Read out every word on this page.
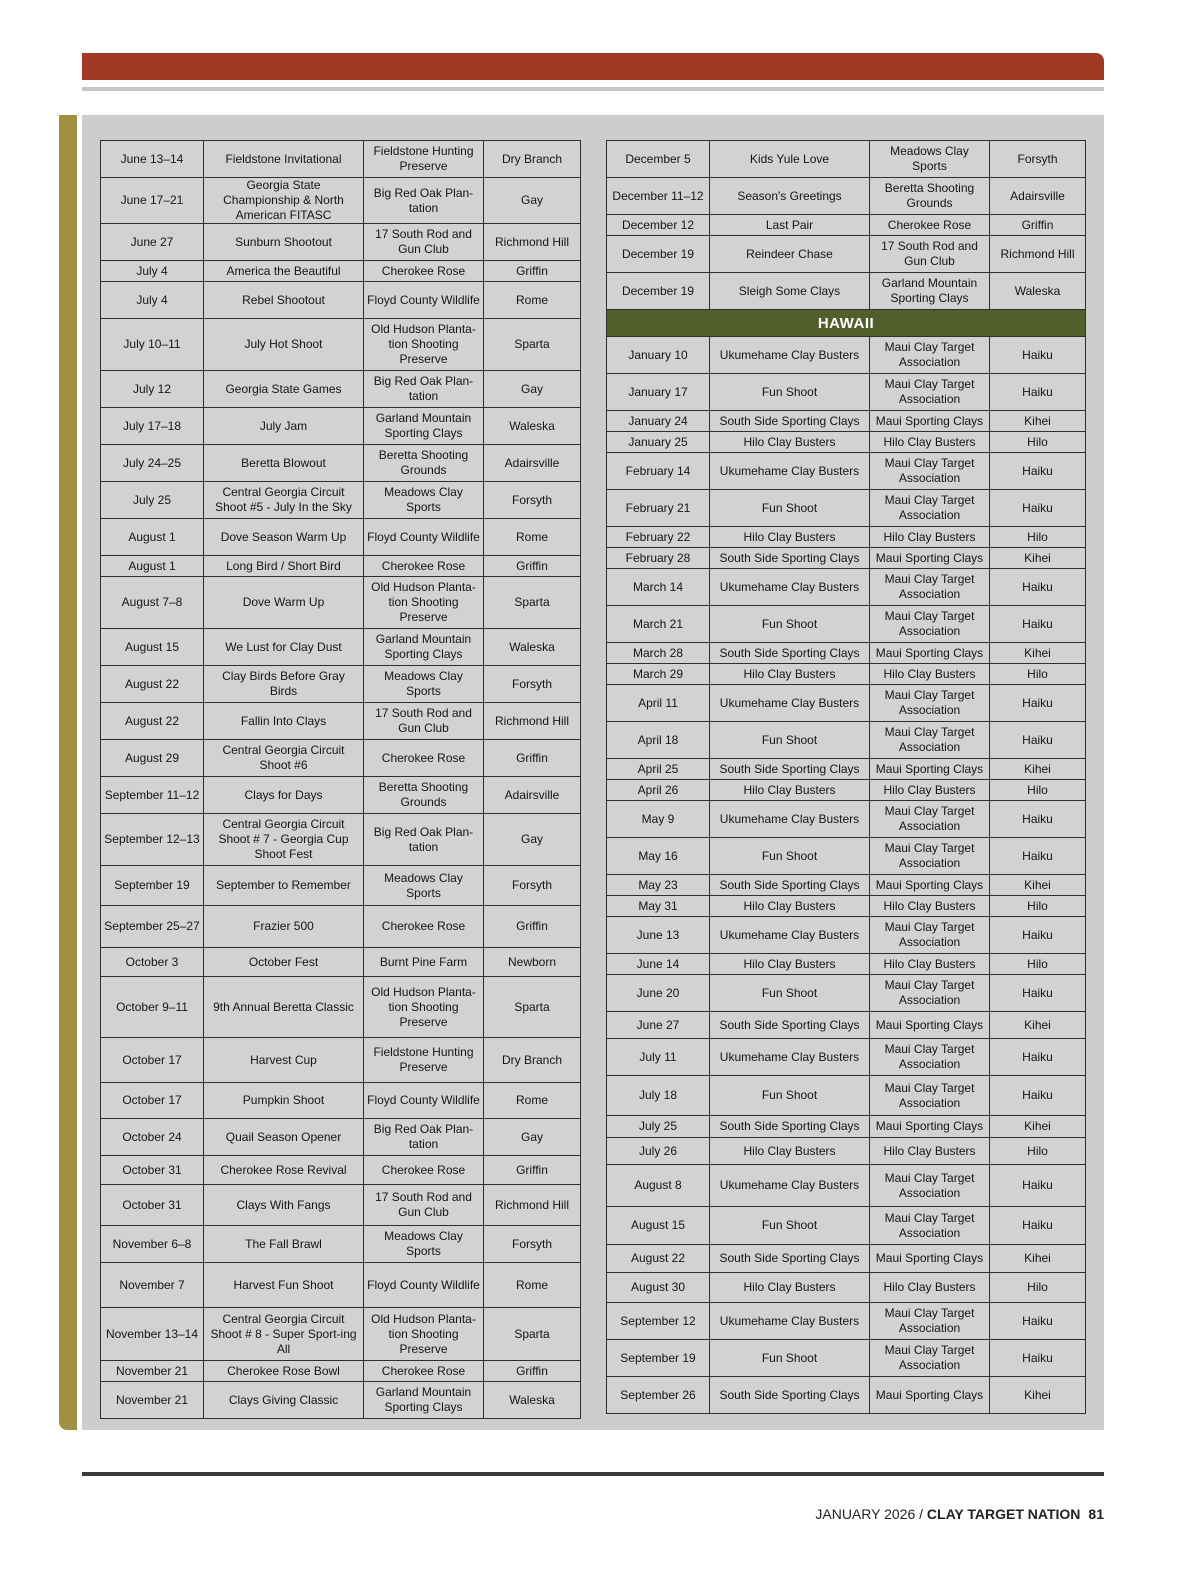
June 13–14	Fieldstone Invitational	Fieldstone Hunting Preserve	Dry Branch
June 17–21	Georgia State Championship & North American FITASC	Big Red Oak Plan-tation	Gay
June 27	Sunburn Shootout	17 South Rod and Gun Club	Richmond Hill
July 4	America the Beautiful	Cherokee Rose	Griffin
July 4	Rebel Shootout	Floyd County Wildlife	Rome
July 10–11	July Hot Shoot	Old Hudson Planta-tion Shooting Preserve	Sparta
July 12	Georgia State Games	Big Red Oak Plan-tation	Gay
July 17–18	July Jam	Garland Mountain Sporting Clays	Waleska
July 24–25	Beretta Blowout	Beretta Shooting Grounds	Adairsville
July 25	Central Georgia Circuit Shoot #5 - July In the Sky	Meadows Clay Sports	Forsyth
August 1	Dove Season Warm Up	Floyd County Wildlife	Rome
August 1	Long Bird / Short Bird	Cherokee Rose	Griffin
August 7–8	Dove Warm Up	Old Hudson Planta-tion Shooting Preserve	Sparta
August 15	We Lust for Clay Dust	Garland Mountain Sporting Clays	Waleska
August 22	Clay Birds Before Gray Birds	Meadows Clay Sports	Forsyth
August 22	Fallin Into Clays	17 South Rod and Gun Club	Richmond Hill
August 29	Central Georgia Circuit Shoot #6	Cherokee Rose	Griffin
September 11–12	Clays for Days	Beretta Shooting Grounds	Adairsville
September 12–13	Central Georgia Circuit Shoot # 7 - Georgia Cup Shoot Fest	Big Red Oak Plan-tation	Gay
September 19	September to Remember	Meadows Clay Sports	Forsyth
September 25–27	Frazier 500	Cherokee Rose	Griffin
October 3	October Fest	Burnt Pine Farm	Newborn
October 9–11	9th Annual Beretta Classic	Old Hudson Planta-tion Shooting Preserve	Sparta
October 17	Harvest Cup	Fieldstone Hunting Preserve	Dry Branch
October 17	Pumpkin Shoot	Floyd County Wildlife	Rome
October 24	Quail Season Opener	Big Red Oak Plan-tation	Gay
October 31	Cherokee Rose Revival	Cherokee Rose	Griffin
October 31	Clays With Fangs	17 South Rod and Gun Club	Richmond Hill
November 6–8	The Fall Brawl	Meadows Clay Sports	Forsyth
November 7	Harvest Fun Shoot	Floyd County Wildlife	Rome
November 13–14	Central Georgia Circuit Shoot # 8 - Super Sport-ing All	Old Hudson Planta-tion Shooting Preserve	Sparta
November 21	Cherokee Rose Bowl	Cherokee Rose	Griffin
November 21	Clays Giving Classic	Garland Mountain Sporting Clays	Waleska
December 5	Kids Yule Love	Meadows Clay Sports	Forsyth
December 11–12	Season's Greetings	Beretta Shooting Grounds	Adairsville
December 12	Last Pair	Cherokee Rose	Griffin
December 19	Reindeer Chase	17 South Rod and Gun Club	Richmond Hill
December 19	Sleigh Some Clays	Garland Mountain Sporting Clays	Waleska
HAWAII			
January 10	Ukumehame Clay Busters	Maui Clay Target Association	Haiku
January 17	Fun Shoot	Maui Clay Target Association	Haiku
January 24	South Side Sporting Clays	Maui Sporting Clays	Kihei
January 25	Hilo Clay Busters	Hilo Clay Busters	Hilo
February 14	Ukumehame Clay Busters	Maui Clay Target Association	Haiku
February 21	Fun Shoot	Maui Clay Target Association	Haiku
February 22	Hilo Clay Busters	Hilo Clay Busters	Hilo
February 28	South Side Sporting Clays	Maui Sporting Clays	Kihei
March 14	Ukumehame Clay Busters	Maui Clay Target Association	Haiku
March 21	Fun Shoot	Maui Clay Target Association	Haiku
March 28	South Side Sporting Clays	Maui Sporting Clays	Kihei
March 29	Hilo Clay Busters	Hilo Clay Busters	Hilo
April 11	Ukumehame Clay Busters	Maui Clay Target Association	Haiku
April 18	Fun Shoot	Maui Clay Target Association	Haiku
April 25	South Side Sporting Clays	Maui Sporting Clays	Kihei
April 26	Hilo Clay Busters	Hilo Clay Busters	Hilo
May 9	Ukumehame Clay Busters	Maui Clay Target Association	Haiku
May 16	Fun Shoot	Maui Clay Target Association	Haiku
May 23	South Side Sporting Clays	Maui Sporting Clays	Kihei
May 31	Hilo Clay Busters	Hilo Clay Busters	Hilo
June 13	Ukumehame Clay Busters	Maui Clay Target Association	Haiku
June 14	Hilo Clay Busters	Hilo Clay Busters	Hilo
June 20	Fun Shoot	Maui Clay Target Association	Haiku
June 27	South Side Sporting Clays	Maui Sporting Clays	Kihei
July 11	Ukumehame Clay Busters	Maui Clay Target Association	Haiku
July 18	Fun Shoot	Maui Clay Target Association	Haiku
July 25	South Side Sporting Clays	Maui Sporting Clays	Kihei
July 26	Hilo Clay Busters	Hilo Clay Busters	Hilo
August 8	Ukumehame Clay Busters	Maui Clay Target Association	Haiku
August 15	Fun Shoot	Maui Clay Target Association	Haiku
August 22	South Side Sporting Clays	Maui Sporting Clays	Kihei
August 30	Hilo Clay Busters	Hilo Clay Busters	Hilo
September 12	Ukumehame Clay Busters	Maui Clay Target Association	Haiku
September 19	Fun Shoot	Maui Clay Target Association	Haiku
September 26	South Side Sporting Clays	Maui Sporting Clays	Kihei
JANUARY 2026 / CLAY TARGET NATION 81
